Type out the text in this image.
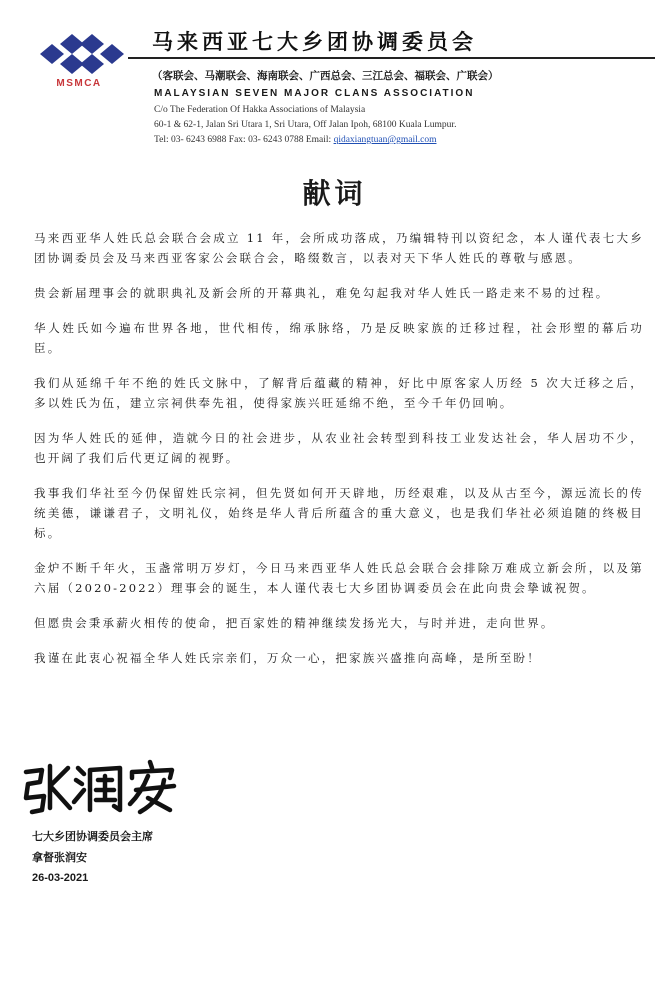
MSMCA
马来西亚七大乡团协调委员会
（客联会、马潮联会、海南联会、广西总会、三江总会、福联会、广联会）
MALAYSIAN SEVEN MAJOR CLANS ASSOCIATION
C/o The Federation Of Hakka Associations of Malaysia
60-1 & 62-1, Jalan Sri Utara 1, Sri Utara, Off Jalan Ipoh, 68100 Kuala Lumpur.
Tel: 03- 6243 6988 Fax: 03- 6243 0788 Email: qidaxiangtuan@gmail.com
献词

马来西亚华人姓氏总会联合会成立 11 年，会所成功落成，乃编辑特刊以资纪念，本人谨代表七大乡团协调委员会及马来西亚客家公会联合会，略缀数言，以表对天下华人姓氏的尊敬与感恩。

贵会新届理事会的就职典礼及新会所的开幕典礼，难免勾起我对华人姓氏一路走来不易的过程。

华人姓氏如今遍布世界各地，世代相传，绵承脉络，乃是反映家族的迁移过程，社会形塑的幕后功臣。

我们从延绵千年不绝的姓氏文脉中，了解背后蕴藏的精神，好比中原客家人历经 5 次大迁移之后，多以姓氏为伍，建立宗祠供奉先祖，使得家族兴旺延绵不绝，至今千年仍回响。

因为华人姓氏的延伸，造就今日的社会进步，从农业社会转型到科技工业发达社会，华人居功不少，也开阔了我们后代更辽阔的视野。

我事我们华社至今仍保留姓氏宗祠，但先贤如何开天辟地，历经艰难，以及从古至今，源远流长的传统美德，谦谦君子，文明礼仪，始终是华人背后所蕴含的重大意义，也是我们华社必须追随的终极目标。

金炉不断千年火，玉盏常明万岁灯，今日马来西亚华人姓氏总会联合会排除万难成立新会所，以及第六届（2020-2022）理事会的诞生，本人谨代表七大乡团协调委员会在此向贵会挚诚祝贺。

但愿贵会秉承薪火相传的使命，把百家姓的精神继续发扬光大，与时并进，走向世界。

我谨在此衷心祝福全华人姓氏宗亲们，万众一心，把家族兴盛推向高峰，是所至盼！

七大乡团协调委员会主席
拿督张润安
26-03-2021
